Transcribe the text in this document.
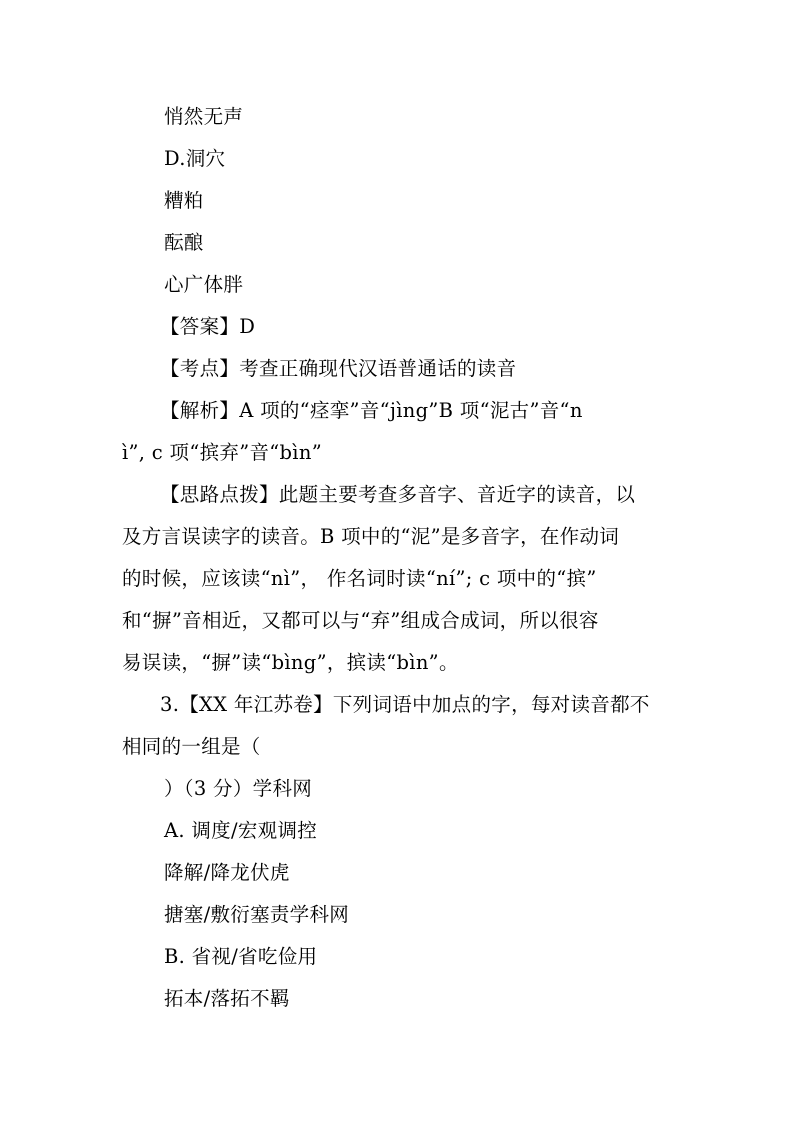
悄然无声
D.洞穴
糟粕
酝酿
心广体胖
【答案】D
【考点】考查正确现代汉语普通话的读音
【解析】A 项的“痉挛”音“jìng”B 项“泥古”音“n
ì”, c 项“摈弃”音“bìn”
【思路点拨】此题主要考查多音字、音近字的读音，以
及方言误读字的读音。B 项中的“泥”是多音字，在作动词
的时候，应该读“nì”， 作名词时读“ní”; c 项中的“摈”
和“摒”音相近，又都可以与“弃”组成合成词，所以很容
易误读，“摒”读“bìng”，摈读“bìn”。
3.【XX 年江苏卷】下列词语中加点的字，每对读音都不
相同的一组是（
）（3 分）学科网
A. 调度/宏观调控
降解/降龙伏虎
搪塞/敷衍塞责学科网
B. 省视/省吃俭用
拓本/落拓不羁
